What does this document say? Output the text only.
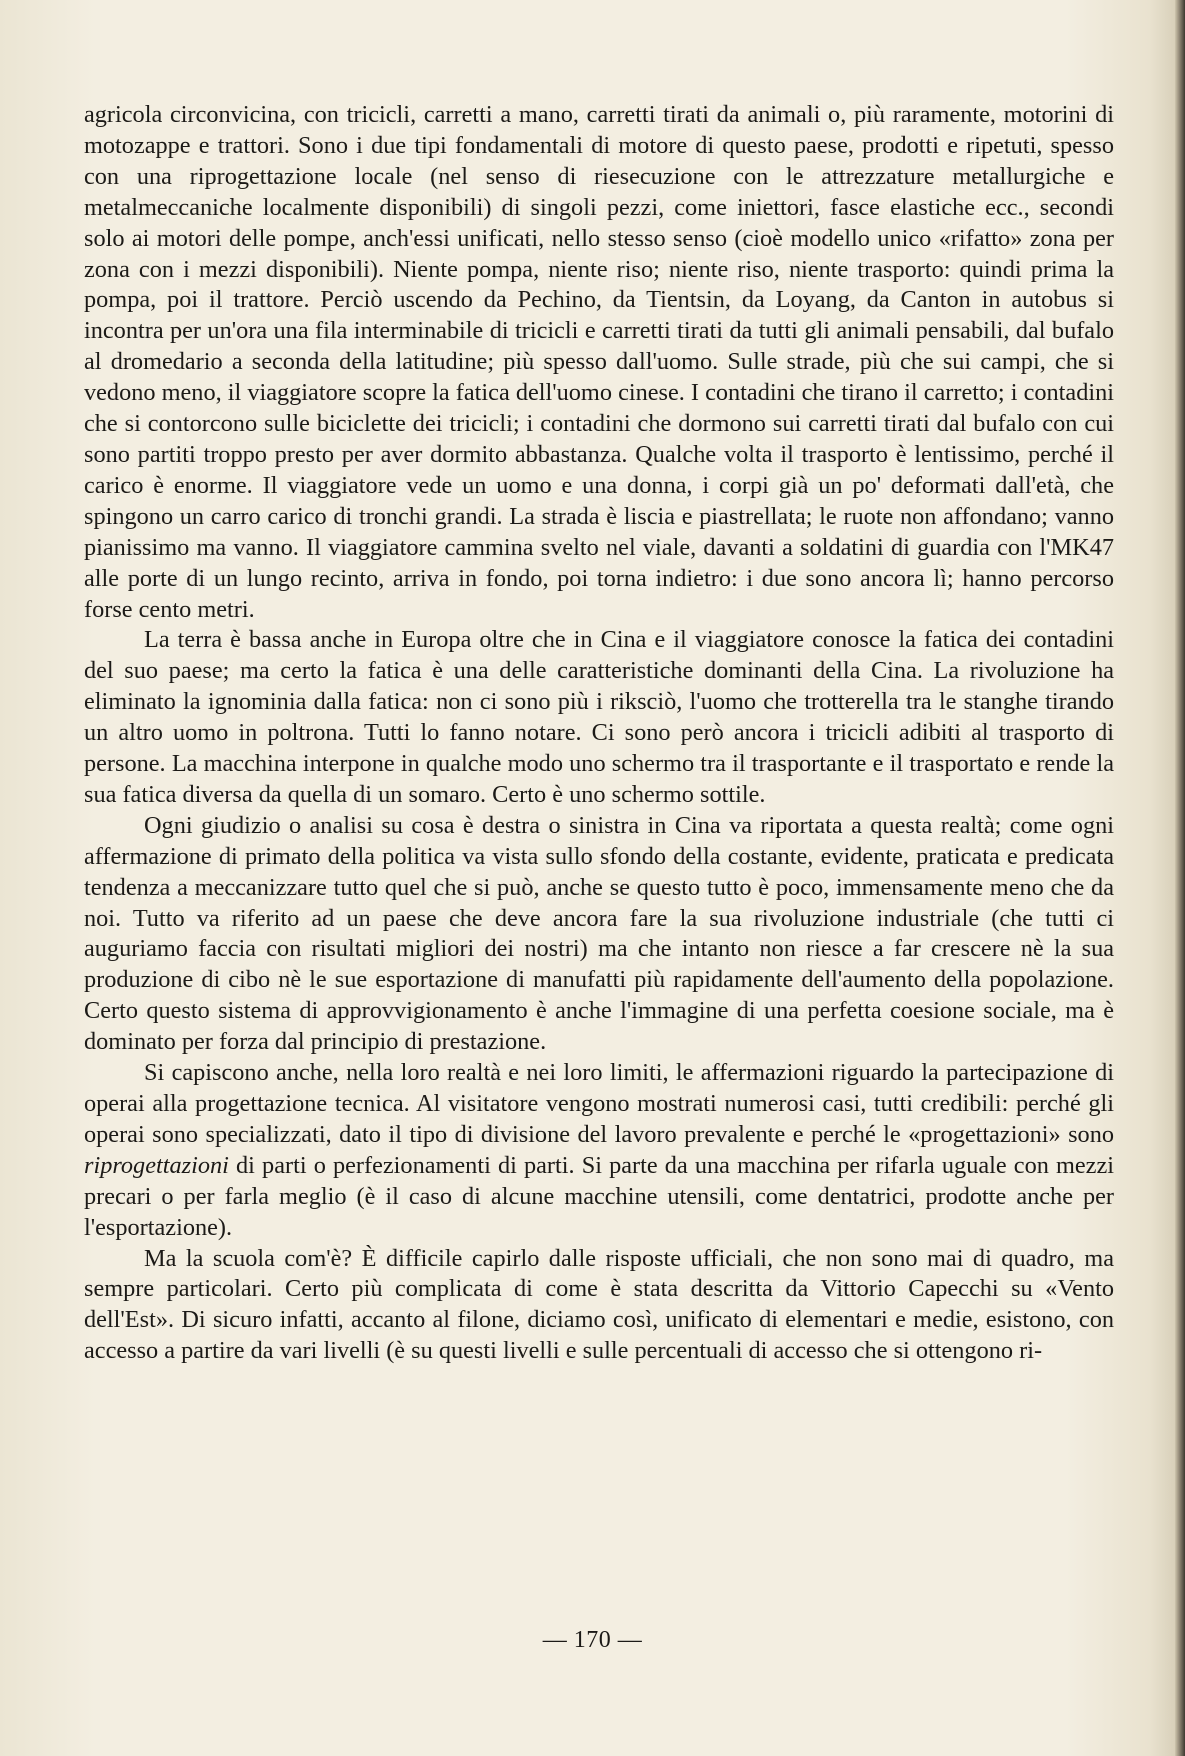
agricola circonvicina, con tricicli, carretti a mano, carretti tirati da animali o, più raramente, motorini di motozappe e trattori. Sono i due tipi fondamentali di motore di questo paese, prodotti e ripetuti, spesso con una riprogettazione locale (nel senso di riesecuzione con le attrezzature metallurgiche e metalmeccaniche localmente disponibili) di singoli pezzi, come iniettori, fasce elastiche ecc., secondi solo ai motori delle pompe, anch'essi unificati, nello stesso senso (cioè modello unico «rifatto» zona per zona con i mezzi disponibili). Niente pompa, niente riso; niente riso, niente trasporto: quindi prima la pompa, poi il trattore. Perciò uscendo da Pechino, da Tientsin, da Loyang, da Canton in autobus si incontra per un'ora una fila interminabile di tricicli e carretti tirati da tutti gli animali pensabili, dal bufalo al dromedario a seconda della latitudine; più spesso dall'uomo. Sulle strade, più che sui campi, che si vedono meno, il viaggiatore scopre la fatica dell'uomo cinese. I contadini che tirano il carretto; i contadini che si contorcono sulle biciclette dei tricicli; i contadini che dormono sui carretti tirati dal bufalo con cui sono partiti troppo presto per aver dormito abbastanza. Qualche volta il trasporto è lentissimo, perché il carico è enorme. Il viaggiatore vede un uomo e una donna, i corpi già un po' deformati dall'età, che spingono un carro carico di tronchi grandi. La strada è liscia e piastrellata; le ruote non affondano; vanno pianissimo ma vanno. Il viaggiatore cammina svelto nel viale, davanti a soldatini di guardia con l'MK47 alle porte di un lungo recinto, arriva in fondo, poi torna indietro: i due sono ancora lì; hanno percorso forse cento metri.

La terra è bassa anche in Europa oltre che in Cina e il viaggiatore conosce la fatica dei contadini del suo paese; ma certo la fatica è una delle caratteristiche dominanti della Cina. La rivoluzione ha eliminato la ignominia dalla fatica: non ci sono più i riksciò, l'uomo che trotterella tra le stanghe tirando un altro uomo in poltrona. Tutti lo fanno notare. Ci sono però ancora i tricicli adibiti al trasporto di persone. La macchina interpone in qualche modo uno schermo tra il trasportante e il trasportato e rende la sua fatica diversa da quella di un somaro. Certo è uno schermo sottile.

Ogni giudizio o analisi su cosa è destra o sinistra in Cina va riportata a questa realtà; come ogni affermazione di primato della politica va vista sullo sfondo della costante, evidente, praticata e predicata tendenza a meccanizzare tutto quel che si può, anche se questo tutto è poco, immensamente meno che da noi. Tutto va riferito ad un paese che deve ancora fare la sua rivoluzione industriale (che tutti ci auguriamo faccia con risultati migliori dei nostri) ma che intanto non riesce a far crescere nè la sua produzione di cibo nè le sue esportazione di manufatti più rapidamente dell'aumento della popolazione. Certo questo sistema di approvvigionamento è anche l'immagine di una perfetta coesione sociale, ma è dominato per forza dal principio di prestazione.

Si capiscono anche, nella loro realtà e nei loro limiti, le affermazioni riguardo la partecipazione di operai alla progettazione tecnica. Al visitatore vengono mostrati numerosi casi, tutti credibili: perché gli operai sono specializzati, dato il tipo di divisione del lavoro prevalente e perché le «progettazioni» sono riprogettazioni di parti o perfezionamenti di parti. Si parte da una macchina per rifarla uguale con mezzi precari o per farla meglio (è il caso di alcune macchine utensili, come dentatrici, prodotte anche per l'esportazione).

Ma la scuola com'è? È difficile capirlo dalle risposte ufficiali, che non sono mai di quadro, ma sempre particolari. Certo più complicata di come è stata descritta da Vittorio Capecchi su «Vento dell'Est». Di sicuro infatti, accanto al filone, diciamo così, unificato di elementari e medie, esistono, con accesso a partire da vari livelli (è su questi livelli e sulle percentuali di accesso che si ottengono ri-

— 170 —
